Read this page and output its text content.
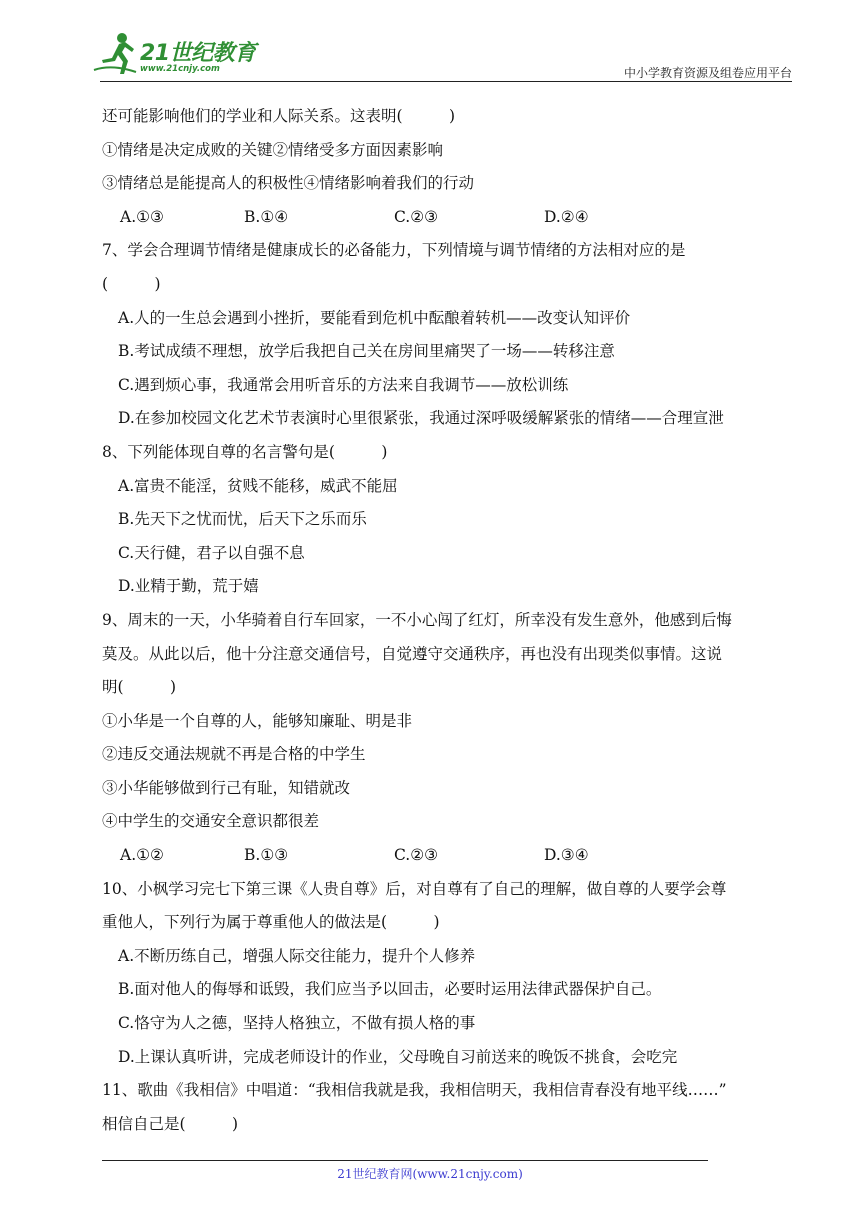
21世纪教育
www.21cnjy.com	中小学教育资源及组卷应用平台
还可能影响他们的学业和人际关系。这表明(　　　)
①情绪是决定成败的关键②情绪受多方面因素影响
③情绪总是能提高人的积极性④情绪影响着我们的行动
A.①③	B.①④	C.②③	D.②④
7、学会合理调节情绪是健康成长的必备能力，下列情境与调节情绪的方法相对应的是
(　　　)
A.人的一生总会遇到小挫折，要能看到危机中酝酿着转机——改变认知评价
B.考试成绩不理想，放学后我把自己关在房间里痛哭了一场——转移注意
C.遇到烦心事，我通常会用听音乐的方法来自我调节——放松训练
D.在参加校园文化艺术节表演时心里很紧张，我通过深呼吸缓解紧张的情绪——合理宣泄
8、下列能体现自尊的名言警句是(　　　)
A.富贵不能淫，贫贱不能移，威武不能屈
B.先天下之忧而忧，后天下之乐而乐
C.天行健，君子以自强不息
D.业精于勤，荒于嬉
9、周末的一天，小华骑着自行车回家，一不小心闯了红灯，所幸没有发生意外，他感到后悔
莫及。从此以后，他十分注意交通信号，自觉遵守交通秩序，再也没有出现类似事情。这说
明(　　　)
①小华是一个自尊的人，能够知廉耻、明是非
②违反交通法规就不再是合格的中学生
③小华能够做到行己有耻，知错就改
④中学生的交通安全意识都很差
A.①②	B.①③	C.②③	D.③④
10、小枫学习完七下第三课《人贵自尊》后，对自尊有了自己的理解，做自尊的人要学会尊
重他人，下列行为属于尊重他人的做法是(　　　)
A.不断历练自己，增强人际交往能力，提升个人修养
B.面对他人的侮辱和诋毁，我们应当予以回击，必要时运用法律武器保护自己。
C.恪守为人之德，坚持人格独立，不做有损人格的事
D.上课认真听讲，完成老师设计的作业，父母晚自习前送来的晚饭不挑食，会吃完
11、歌曲《我相信》中唱道：“我相信我就是我，我相信明天，我相信青春没有地平线……”
相信自己是(　　　)
21世纪教育网(www.21cnjy.com)
